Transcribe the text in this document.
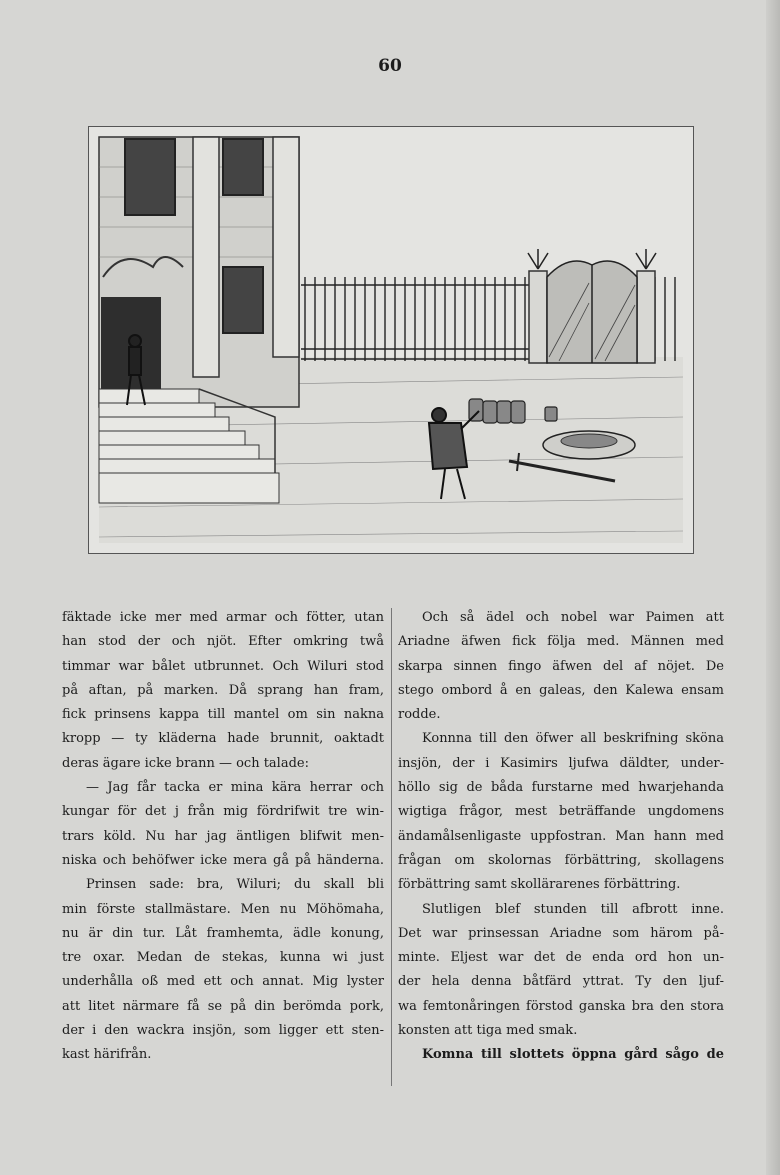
60
fäktade icke mer med armar och fötter, utan
han stod der och njöt. Efter omkring twå
timmar war bålet utbrunnet. Och Wiluri stod
på aftan, på marken. Då sprang han fram,
fick prinsens kappa till mantel om sin nakna
kropp — ty kläderna hade brunnit, oaktadt
deras ägare icke brann — och talade:
— Jag får tacka er mina kära herrar och
kungar för det j från mig fördrifwit tre win-
trars köld. Nu har jag äntligen blifwit men-
niska och behöfwer icke mera gå på händerna.
Prinsen sade: bra, Wiluri; du skall bli
min förste stallmästare. Men nu Möhömaha,
nu är din tur. Låt framhemta, ädle konung,
tre oxar. Medan de stekas, kunna wi just
underhålla oß med ett och annat. Mig lyster
att litet närmare få se på din berömda pork,
der i den wackra insjön, som ligger ett sten-
kast härifrån.
Och så ädel och nobel war Paimen att
Ariadne äfwen fick följa med. Männen med
skarpa sinnen fingo äfwen del af nöjet. De
stego ombord å en galeas, den Kalewa ensam
rodde.
Konnna till den öfwer all beskrifning sköna
insjön, der i Kasimirs ljufwa däldter, under-
höllo sig de båda furstarne med hwarjehanda
wigtiga frågor, mest beträffande ungdomens
ändamålsenligaste uppfostran. Man hann med
frågan om skolornas förbättring, skollagens
förbättring samt skollärarenes förbättring.
Slutligen blef stunden till afbrott inne.
Det war prinsessan Ariadne som härom på-
minte. Eljest war det de enda ord hon un-
der hela denna båtfärd yttrat. Ty den ljuf-
wa femtonåringen förstod ganska bra den stora
konsten att tiga med smak.
Komna till slottets öppna gård sågo de
